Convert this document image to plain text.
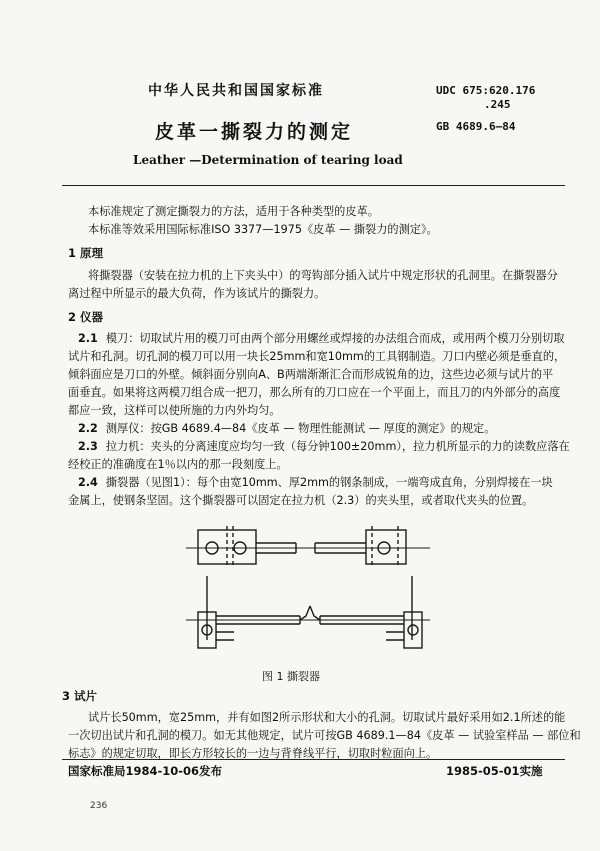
中华人民共和国国家标准	UDC 675:620.176
.245
GB 4689.6—84
皮革一撕裂力的测定
Leather —Determination of tearing load
本标准规定了测定撕裂力的方法，适用于各种类型的皮革。
本标准等效采用国际标准ISO 3377—1975《皮革 — 撕裂力的测定》。
1 原理
将撕裂器（安装在拉力机的上下夹头中）的弯钩部分插入试片中规定形状的孔洞里。在撕裂器分
离过程中所显示的最大负荷，作为该试片的撕裂力。
2 仪器
2.1 模刀：切取试片用的模刀可由两个部分用螺丝或焊接的办法组合而成，或用两个模刀分别切取
试片和孔洞。切孔洞的模刀可以用一块长25mm和宽10mm的工具钢制造。刀口内壁必须是垂直的，
倾斜面应是刀口的外壁。倾斜面分别向A、B两端渐渐汇合而形成锐角的边，这些边必须与试片的平
面垂直。如果将这两模刀组合成一把刀，那么所有的刀口应在一个平面上，而且刀的内外部分的高度
都应一致，这样可以使所施的力内外均匀。
2.2 测厚仪：按GB 4689.4—84《皮革 — 物理性能测试 — 厚度的测定》的规定。
2.3 拉力机：夹头的分离速度应均匀一致（每分钟100±20mm），拉力机所显示的力的读数应落在
经校正的准确度在1％以内的那一段刻度上。
2.4 撕裂器（见图1）：每个由宽10mm、厚2mm的钢条制成，一端弯成直角，分别焊接在一块
金属上，使钢条坚固。这个撕裂器可以固定在拉力机（2.3）的夹头里，或者取代夹头的位置。
图 1 撕裂器
3 试片
试片长50mm，宽25mm，并有如图2所示形状和大小的孔洞。切取试片最好采用如2.1所述的能
一次切出试片和孔洞的模刀。如无其他规定，试片可按GB 4689.1—84《皮革 — 试验室样品 — 部位和
标志》的规定切取，即长方形较长的一边与背脊线平行，切取时粒面向上。
国家标准局1984-10-06发布	1985-05-01实施
236
